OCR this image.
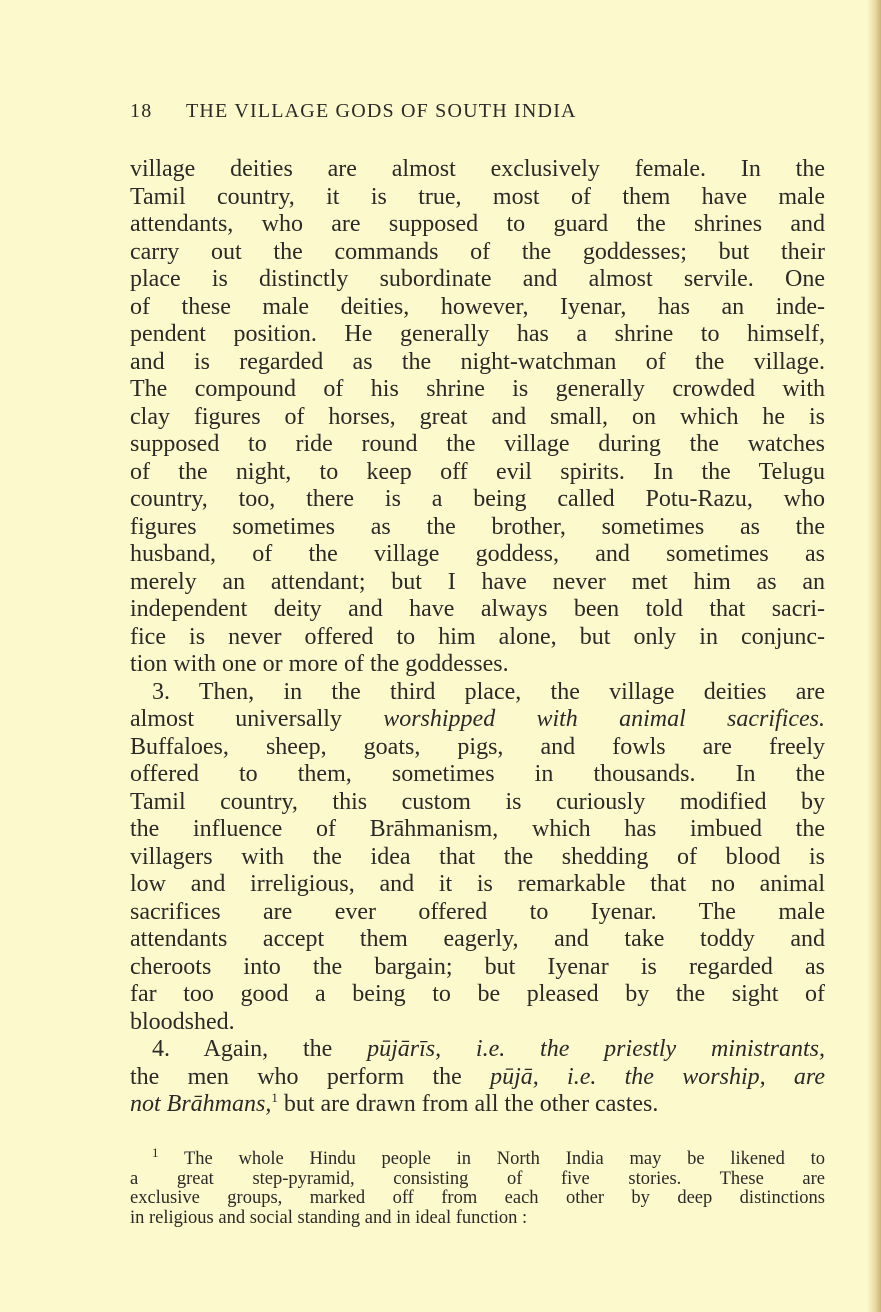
18 THE VILLAGE GODS OF SOUTH INDIA
village deities are almost exclusively female. In the
Tamil country, it is true, most of them have male
attendants, who are supposed to guard the shrines and
carry out the commands of the goddesses; but their
place is distinctly subordinate and almost servile. One
of these male deities, however, Iyenar, has an inde-
pendent position. He generally has a shrine to himself,
and is regarded as the night-watchman of the village.
The compound of his shrine is generally crowded with
clay figures of horses, great and small, on which he is
supposed to ride round the village during the watches
of the night, to keep off evil spirits. In the Telugu
country, too, there is a being called Potu-Razu, who
figures sometimes as the brother, sometimes as the
husband, of the village goddess, and sometimes as
merely an attendant; but I have never met him as an
independent deity and have always been told that sacri-
fice is never offered to him alone, but only in conjunc-
tion with one or more of the goddesses.
3. Then, in the third place, the village deities are
almost universally worshipped with animal sacrifices.
Buffaloes, sheep, goats, pigs, and fowls are freely
offered to them, sometimes in thousands. In the
Tamil country, this custom is curiously modified by
the influence of Brāhmanism, which has imbued the
villagers with the idea that the shedding of blood is
low and irreligious, and it is remarkable that no animal
sacrifices are ever offered to Iyenar. The male
attendants accept them eagerly, and take toddy and
cheroots into the bargain; but Iyenar is regarded as
far too good a being to be pleased by the sight of
bloodshed.
4. Again, the pūjārīs, i.e. the priestly ministrants,
the men who perform the pūjā, i.e. the worship, are
not Brāhmans,$^1$ but are drawn from all the other castes.
$^1$ The whole Hindu people in North India may be likened to
a great step-pyramid, consisting of five stories. These are
exclusive groups, marked off from each other by deep distinctions
in religious and social standing and in ideal function :
